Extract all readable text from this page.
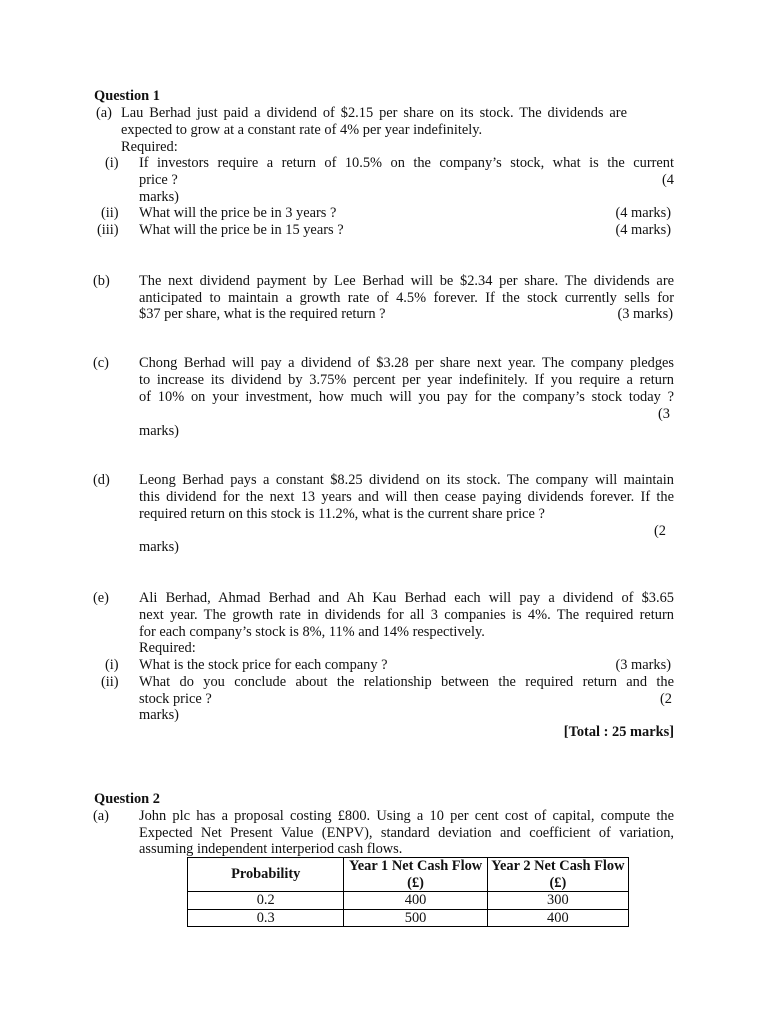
Question 1
(a) Lau Berhad just paid a dividend of $2.15 per share on its stock. The dividends are
expected to grow at a constant rate of 4% per year indefinitely.
Required:
(i) If investors require a return of 10.5% on the company’s stock, what is the current
price ?	(4
marks)
(ii) What will the price be in 3 years ?	(4 marks)
(iii) What will the price be in 15 years ?	(4 marks)
(b) The next dividend payment by Lee Berhad will be $2.34 per share. The dividends are
anticipated to maintain a growth rate of 4.5% forever. If the stock currently sells for
$37 per share, what is the required return ?	(3 marks)
(c) Chong Berhad will pay a dividend of $3.28 per share next year. The company pledges
to increase its dividend by 3.75% percent per year indefinitely. If you require a return
of 10% on your investment, how much will you pay for the company’s stock today ?
(3
marks)
(d) Leong Berhad pays a constant $8.25 dividend on its stock. The company will maintain
this dividend for the next 13 years and will then cease paying dividends forever. If the
required return on this stock is 11.2%, what is the current share price ?
(2
marks)
(e) Ali Berhad, Ahmad Berhad and Ah Kau Berhad each will pay a dividend of $3.65
next year. The growth rate in dividends for all 3 companies is 4%. The required return
for each company’s stock is 8%, 11% and 14% respectively.
Required:
(i) What is the stock price for each company ?	(3 marks)
(ii) What do you conclude about the relationship between the required return and the
stock price ?	(2
marks)
[Total : 25 marks]
Question 2
(a) John plc has a proposal costing £800. Using a 10 per cent cost of capital, compute the
Expected Net Present Value (ENPV), standard deviation and coefficient of variation,
assuming independent interperiod cash flows.
Probability	Year 1 Net Cash Flow (£)	Year 2 Net Cash Flow (£)
0.2	400	300
0.3	500	400
